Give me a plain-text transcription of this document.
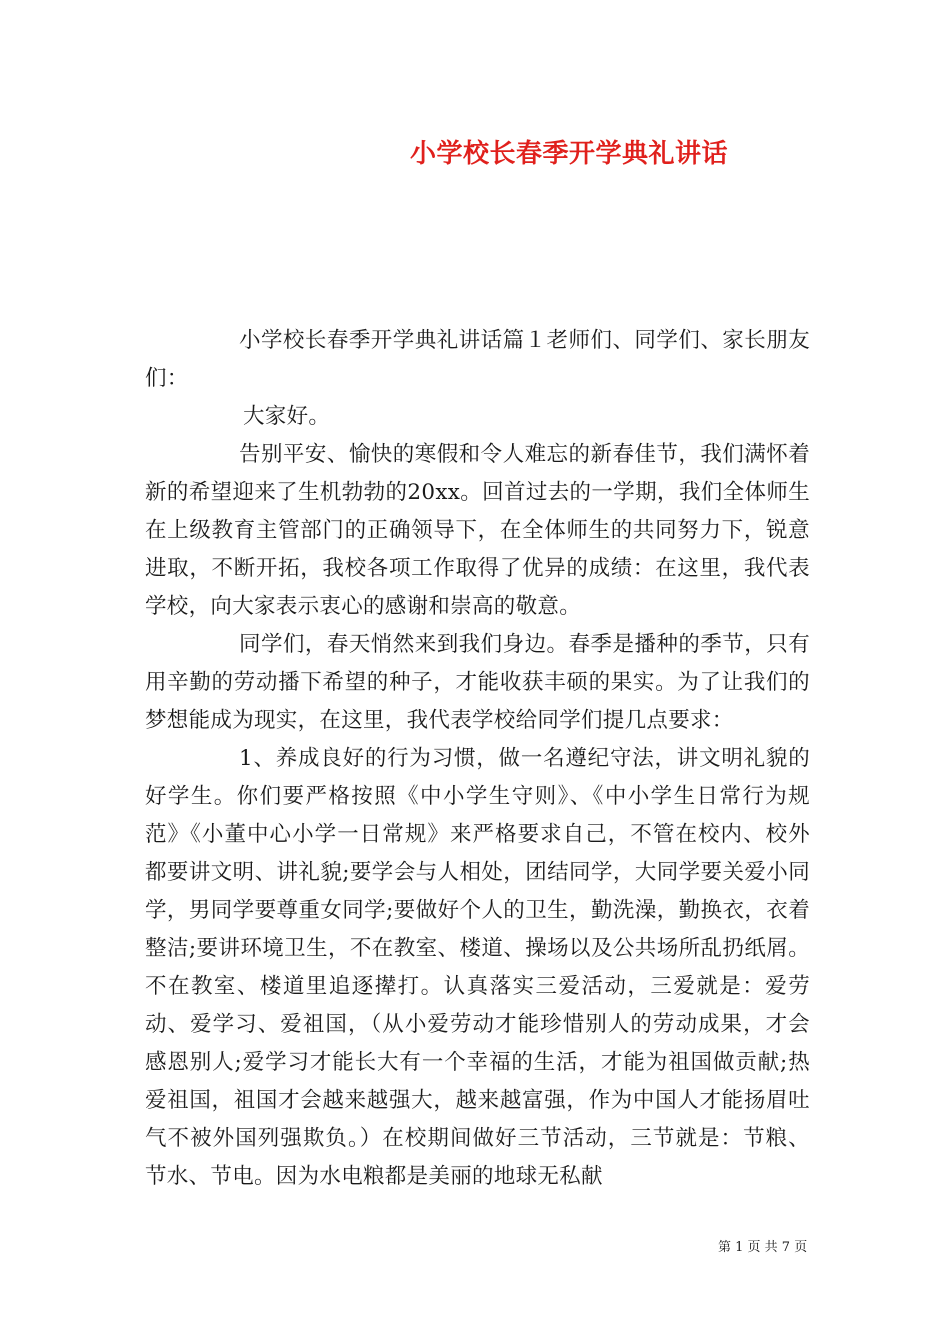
小学校长春季开学典礼讲话

小学校长春季开学典礼讲话篇１老师们、同学们、家长朋友们：

大家好。

告别平安、愉快的寒假和令人难忘的新春佳节，我们满怀着新的希望迎来了生机勃勃的20xx。回首过去的一学期，我们全体师生在上级教育主管部门的正确领导下，在全体师生的共同努力下，锐意进取，不断开拓，我校各项工作取得了优异的成绩：在这里，我代表学校，向大家表示衷心的感谢和崇高的敬意。

同学们，春天悄然来到我们身边。春季是播种的季节，只有用辛勤的劳动播下希望的种子，才能收获丰硕的果实。为了让我们的梦想能成为现实，在这里，我代表学校给同学们提几点要求：

1、养成良好的行为习惯，做一名遵纪守法，讲文明礼貌的好学生。你们要严格按照《中小学生守则》、《中小学生日常行为规范》《小董中心小学一日常规》来严格要求自己，不管在校内、校外都要讲文明、讲礼貌;要学会与人相处，团结同学，大同学要关爱小同学，男同学要尊重女同学;要做好个人的卫生，勤洗澡，勤换衣，衣着整洁;要讲环境卫生，不在教室、楼道、操场以及公共场所乱扔纸屑。不在教室、楼道里追逐撵打。认真落实三爱活动，三爱就是：爱劳动、爱学习、爱祖国，（从小爱劳动才能珍惜别人的劳动成果，才会感恩别人;爱学习才能长大有一个幸福的生活，才能为祖国做贡献;热爱祖国，祖国才会越来越强大，越来越富强，作为中国人才能扬眉吐气不被外国列强欺负。）在校期间做好三节活动，三节就是：节粮、节水、节电。因为水电粮都是美丽的地球无私献

第 1 页 共 7 页
